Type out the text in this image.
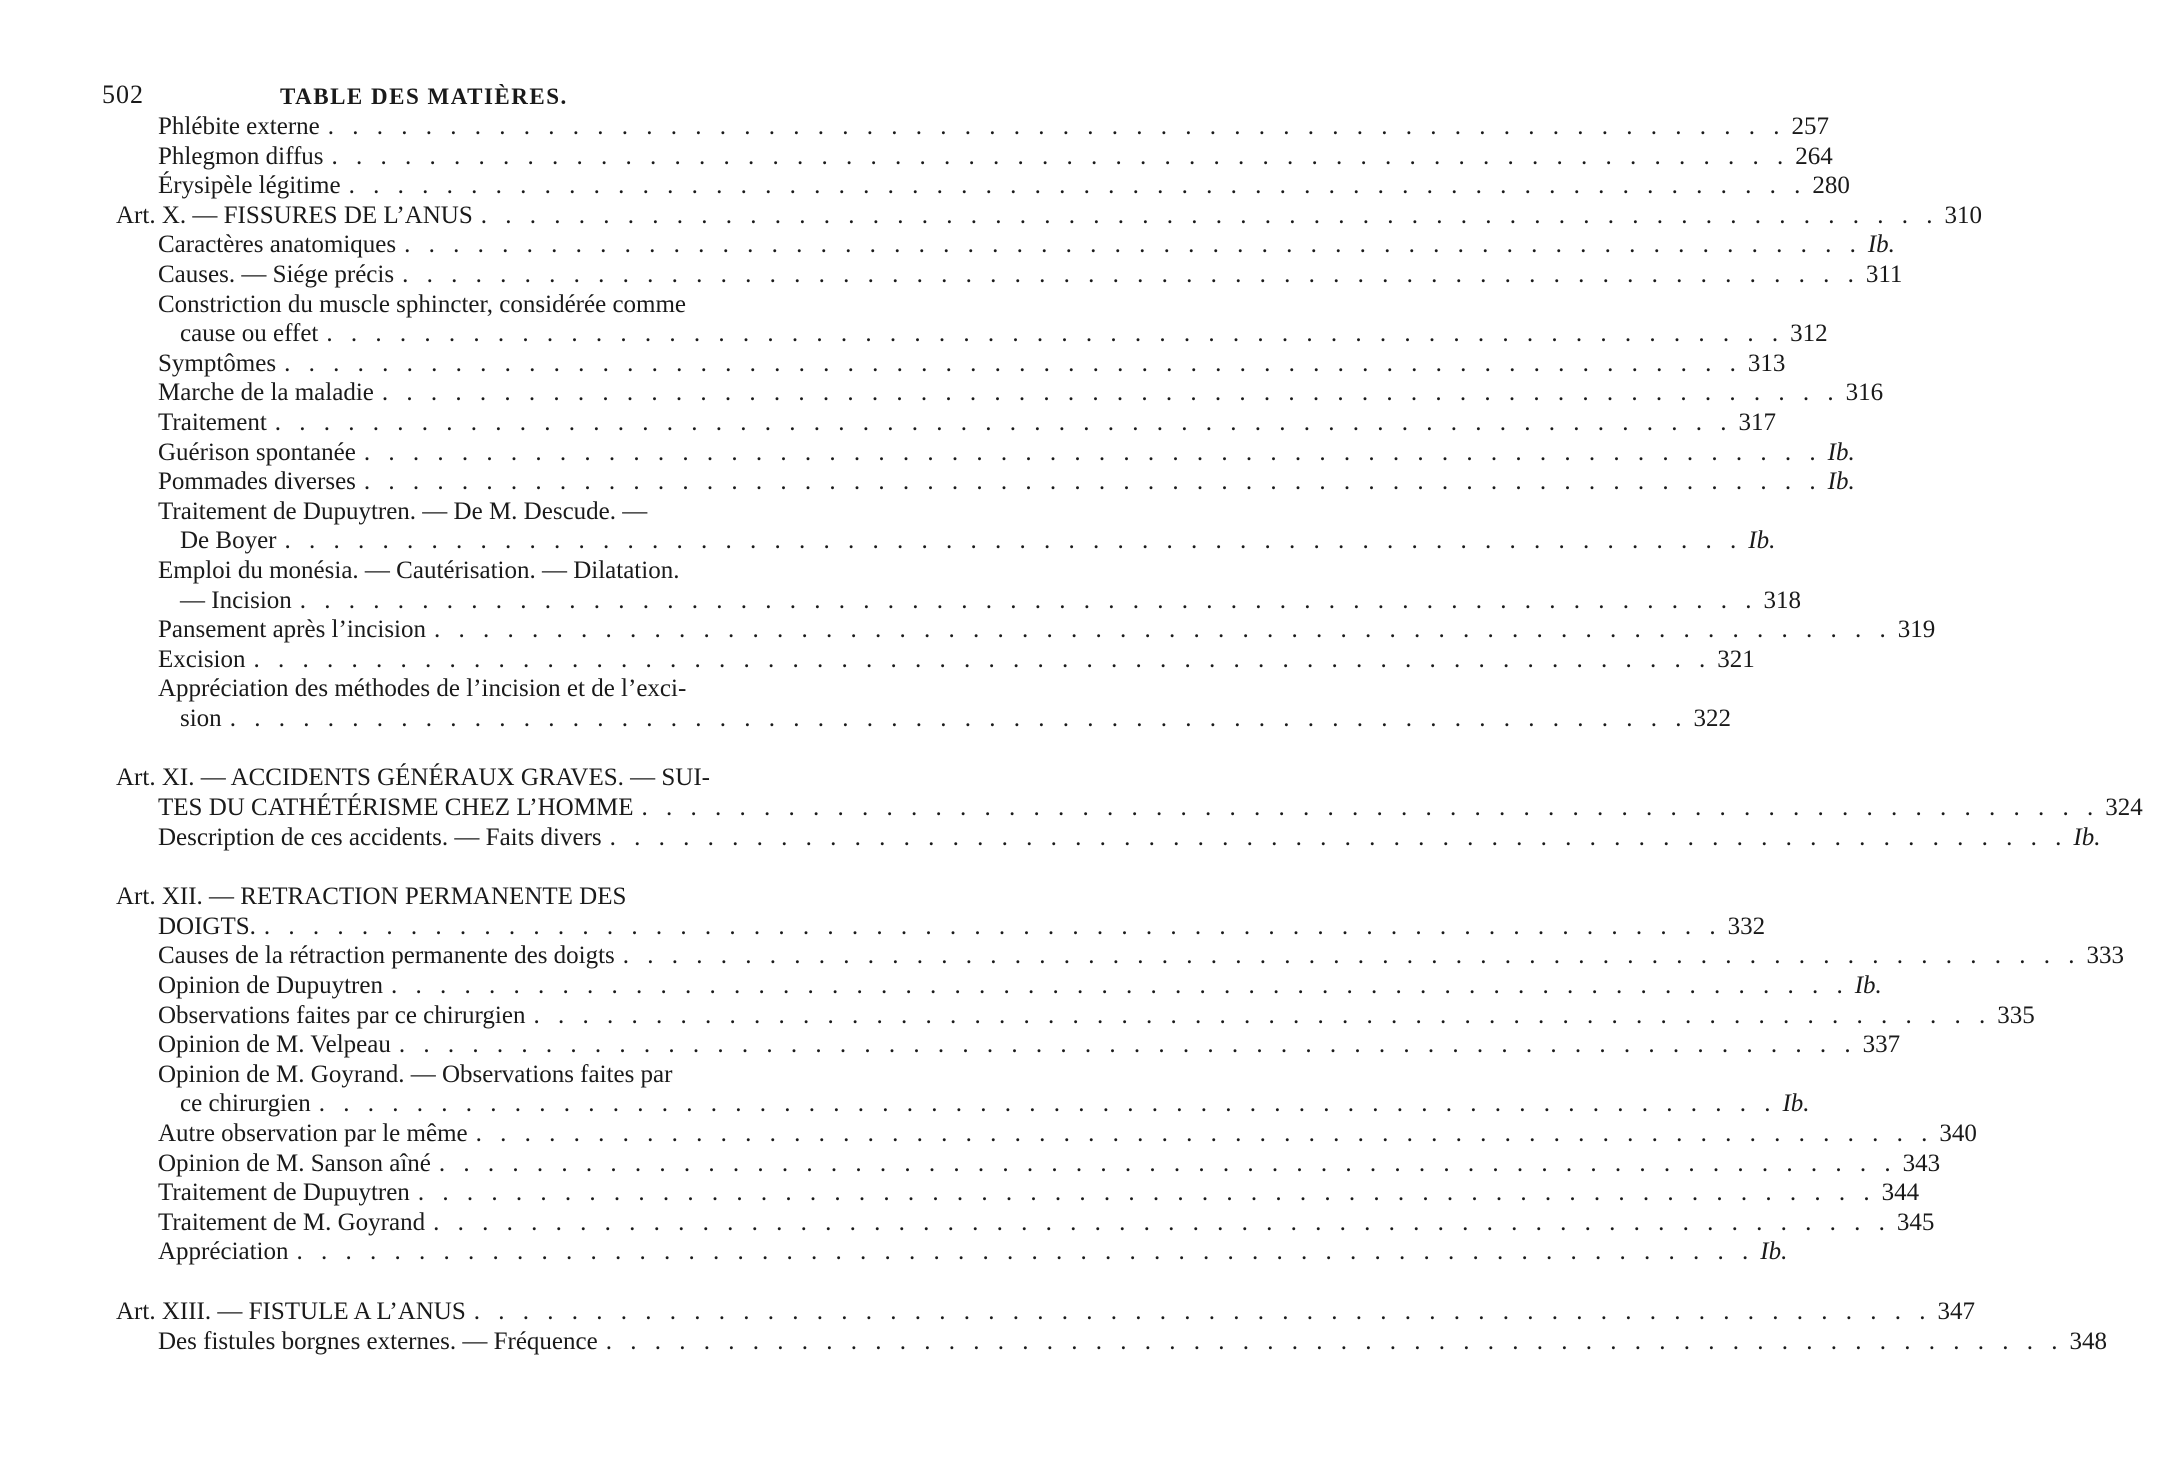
502	TABLE DES MATIÈRES.
Phlébite externe . . . . . . . . . . . . . . . . . . . . . . . . . . . . . . . . . . . . . . . . . . . . . . . . . . . . . . . . . . . . 257
Phlegmon diffus . . . . . . . . . . . . . . . . . . . . . . . . . . . . . . . . . . . . . . . . . . . . . . . . . . . . . . . . . . . . 264
Érysipèle légitime . . . . . . . . . . . . . . . . . . . . . . . . . . . . . . . . . . . . . . . . . . . . . . . . . . . . . . . . . . . . 280
Art. X. — FISSURES DE L’ANUS . . . . . . . . . . . . . . . . . . . . . . . . . . . . . . . . . . . . . . . . . . . . . . . . . . . . . . . . . . . . 310
Caractères anatomiques . . . . . . . . . . . . . . . . . . . . . . . . . . . . . . . . . . . . . . . . . . . . . . . . . . . . . . . . . . . . Ib.
Causes. — Siége précis . . . . . . . . . . . . . . . . . . . . . . . . . . . . . . . . . . . . . . . . . . . . . . . . . . . . . . . . . . . . 311
Constriction du muscle sphincter, considérée comme
cause ou effet . . . . . . . . . . . . . . . . . . . . . . . . . . . . . . . . . . . . . . . . . . . . . . . . . . . . . . . . . . . . 312
Symptômes . . . . . . . . . . . . . . . . . . . . . . . . . . . . . . . . . . . . . . . . . . . . . . . . . . . . . . . . . . . . 313
Marche de la maladie . . . . . . . . . . . . . . . . . . . . . . . . . . . . . . . . . . . . . . . . . . . . . . . . . . . . . . . . . . . . 316
Traitement . . . . . . . . . . . . . . . . . . . . . . . . . . . . . . . . . . . . . . . . . . . . . . . . . . . . . . . . . . . . 317
Guérison spontanée . . . . . . . . . . . . . . . . . . . . . . . . . . . . . . . . . . . . . . . . . . . . . . . . . . . . . . . . . . . . Ib.
Pommades diverses . . . . . . . . . . . . . . . . . . . . . . . . . . . . . . . . . . . . . . . . . . . . . . . . . . . . . . . . . . . . Ib.
Traitement de Dupuytren. — De M. Descude. —
De Boyer . . . . . . . . . . . . . . . . . . . . . . . . . . . . . . . . . . . . . . . . . . . . . . . . . . . . . . . . . . . . Ib.
Emploi du monésia. — Cautérisation. — Dilatation.
— Incision . . . . . . . . . . . . . . . . . . . . . . . . . . . . . . . . . . . . . . . . . . . . . . . . . . . . . . . . . . . . 318
Pansement après l’incision . . . . . . . . . . . . . . . . . . . . . . . . . . . . . . . . . . . . . . . . . . . . . . . . . . . . . . . . . . . . 319
Excision . . . . . . . . . . . . . . . . . . . . . . . . . . . . . . . . . . . . . . . . . . . . . . . . . . . . . . . . . . . . 321
Appréciation des méthodes de l’incision et de l’exci-
sion . . . . . . . . . . . . . . . . . . . . . . . . . . . . . . . . . . . . . . . . . . . . . . . . . . . . . . . . . . . . 322
Art. XI. — ACCIDENTS GÉNÉRAUX GRAVES. — SUI-
TES DU CATHÉTÉRISME CHEZ L’HOMME . . . . . . . . . . . . . . . . . . . . . . . . . . . . . . . . . . . . . . . . . . . . . . . . . . . . . . . . . . . . 324
Description de ces accidents. — Faits divers . . . . . . . . . . . . . . . . . . . . . . . . . . . . . . . . . . . . . . . . . . . . . . . . . . . . . . . . . . . . Ib.
Art. XII. — RETRACTION PERMANENTE DES
DOIGTS. . . . . . . . . . . . . . . . . . . . . . . . . . . . . . . . . . . . . . . . . . . . . . . . . . . . . . . . . . . . . 332
Causes de la rétraction permanente des doigts . . . . . . . . . . . . . . . . . . . . . . . . . . . . . . . . . . . . . . . . . . . . . . . . . . . . . . . . . . . . 333
Opinion de Dupuytren . . . . . . . . . . . . . . . . . . . . . . . . . . . . . . . . . . . . . . . . . . . . . . . . . . . . . . . . . . . . Ib.
Observations faites par ce chirurgien . . . . . . . . . . . . . . . . . . . . . . . . . . . . . . . . . . . . . . . . . . . . . . . . . . . . . . . . . . . . 335
Opinion de M. Velpeau . . . . . . . . . . . . . . . . . . . . . . . . . . . . . . . . . . . . . . . . . . . . . . . . . . . . . . . . . . . . 337
Opinion de M. Goyrand. — Observations faites par
ce chirurgien . . . . . . . . . . . . . . . . . . . . . . . . . . . . . . . . . . . . . . . . . . . . . . . . . . . . . . . . . . . . Ib.
Autre observation par le même . . . . . . . . . . . . . . . . . . . . . . . . . . . . . . . . . . . . . . . . . . . . . . . . . . . . . . . . . . . . 340
Opinion de M. Sanson aîné . . . . . . . . . . . . . . . . . . . . . . . . . . . . . . . . . . . . . . . . . . . . . . . . . . . . . . . . . . . . 343
Traitement de Dupuytren . . . . . . . . . . . . . . . . . . . . . . . . . . . . . . . . . . . . . . . . . . . . . . . . . . . . . . . . . . . . 344
Traitement de M. Goyrand . . . . . . . . . . . . . . . . . . . . . . . . . . . . . . . . . . . . . . . . . . . . . . . . . . . . . . . . . . . . 345
Appréciation . . . . . . . . . . . . . . . . . . . . . . . . . . . . . . . . . . . . . . . . . . . . . . . . . . . . . . . . . . . . Ib.
Art. XIII. — FISTULE A L’ANUS . . . . . . . . . . . . . . . . . . . . . . . . . . . . . . . . . . . . . . . . . . . . . . . . . . . . . . . . . . . . 347
Des fistules borgnes externes. — Fréquence . . . . . . . . . . . . . . . . . . . . . . . . . . . . . . . . . . . . . . . . . . . . . . . . . . . . . . . . . . . . 348
